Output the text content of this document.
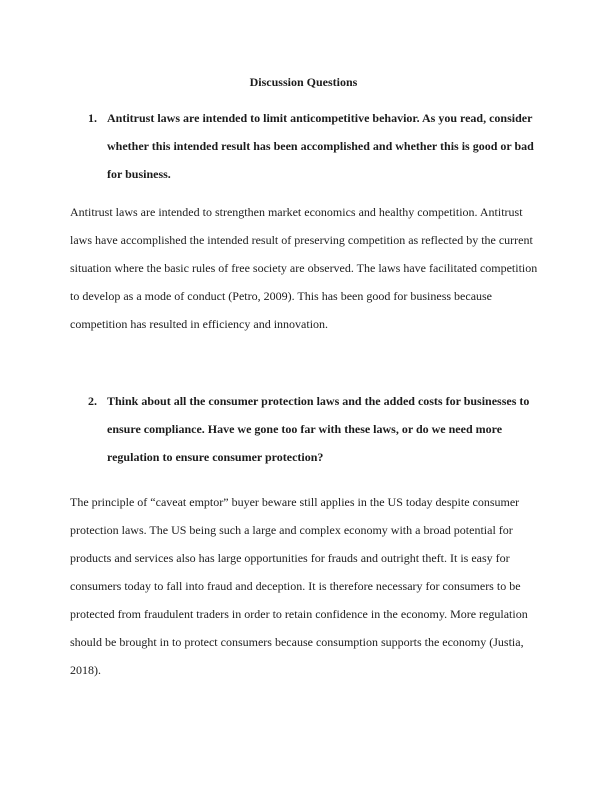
Discussion Questions
1. Antitrust laws are intended to limit anticompetitive behavior. As you read, consider
whether this intended result has been accomplished and whether this is good or bad
for business.
Antitrust laws are intended to strengthen market economics and healthy competition. Antitrust
laws have accomplished the intended result of preserving competition as reflected by the current
situation where the basic rules of free society are observed. The laws have facilitated competition
to develop as a mode of conduct (Petro, 2009). This has been good for business because
competition has resulted in efficiency and innovation.
2. Think about all the consumer protection laws and the added costs for businesses to
ensure compliance. Have we gone too far with these laws, or do we need more
regulation to ensure consumer protection?
The principle of “caveat emptor” buyer beware still applies in the US today despite consumer
protection laws. The US being such a large and complex economy with a broad potential for
products and services also has large opportunities for frauds and outright theft. It is easy for
consumers today to fall into fraud and deception. It is therefore necessary for consumers to be
protected from fraudulent traders in order to retain confidence in the economy. More regulation
should be brought in to protect consumers because consumption supports the economy (Justia,
2018).
